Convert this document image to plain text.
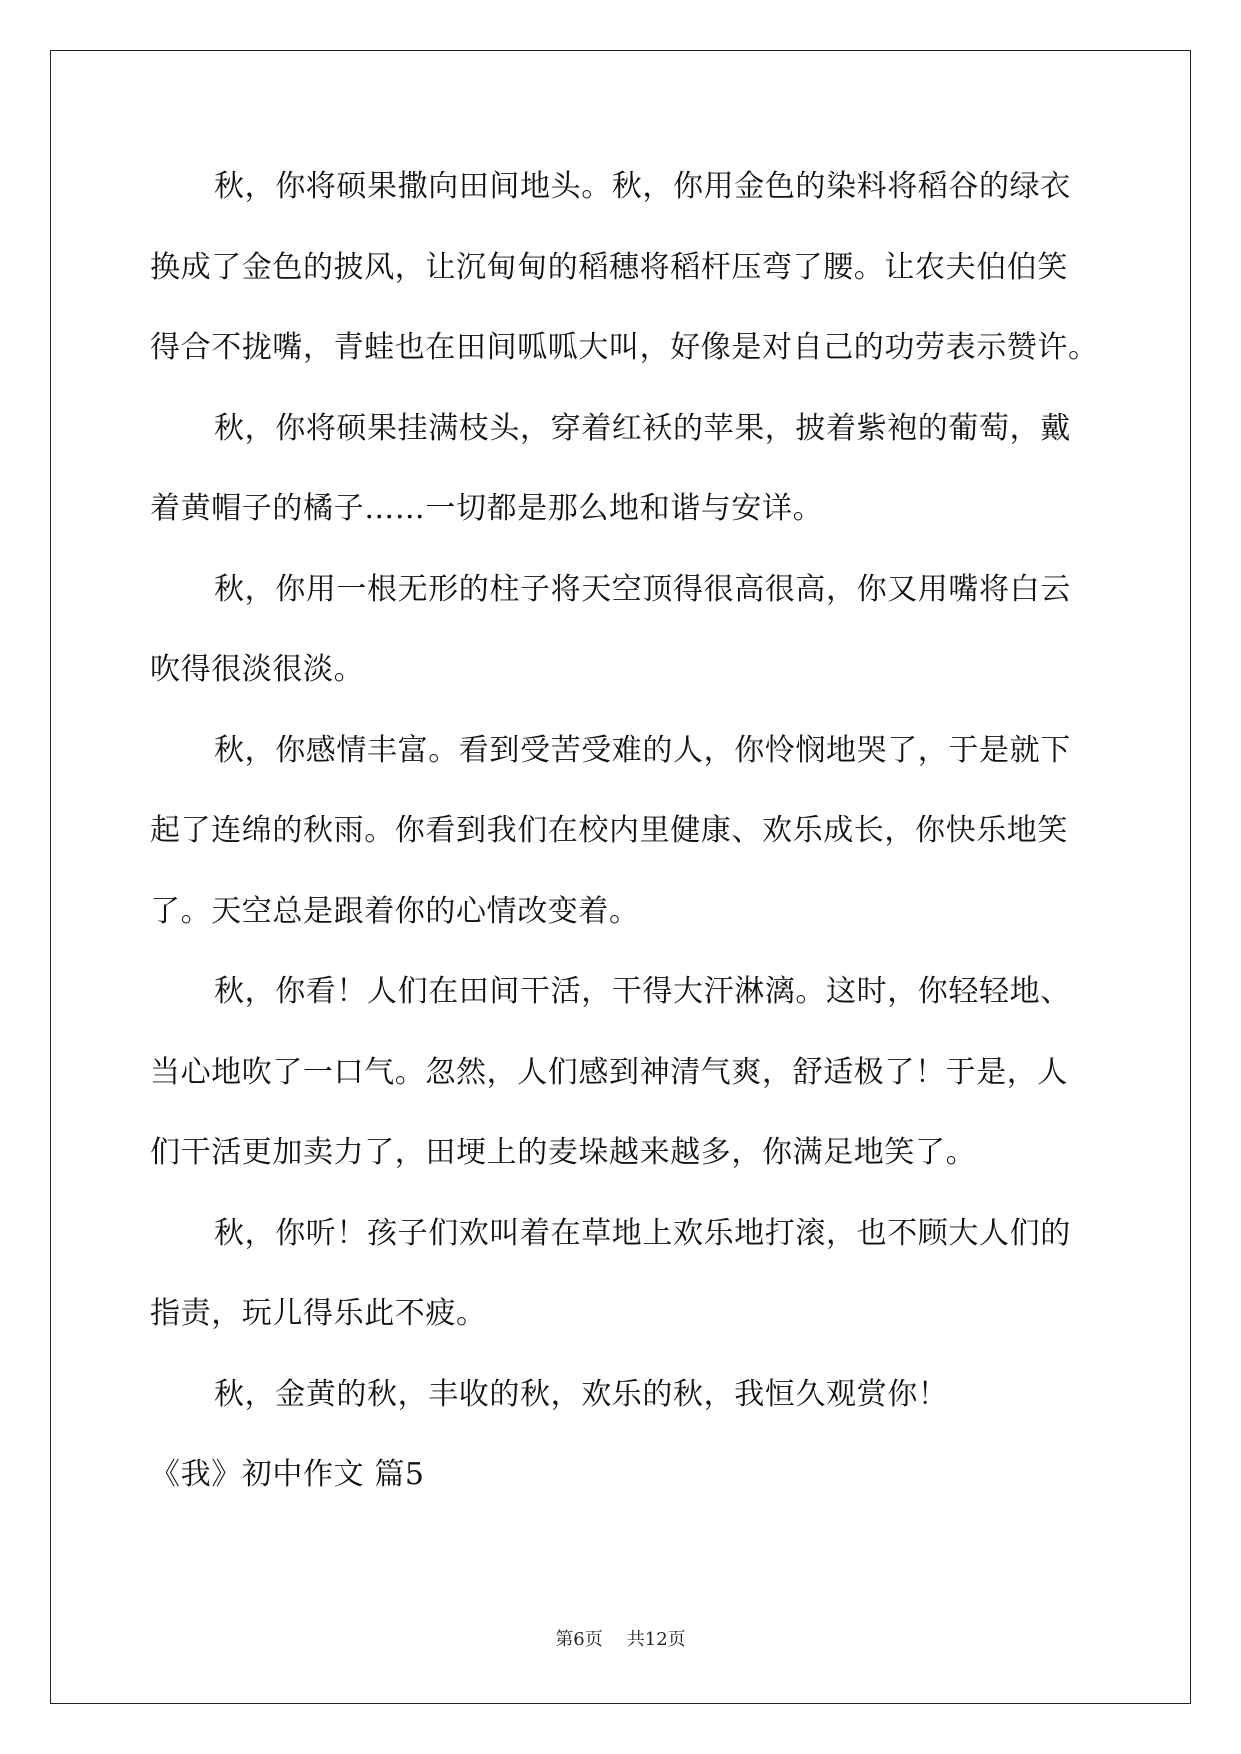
秋，你将硕果撒向田间地头。秋，你用金色的染料将稻谷的绿衣
换成了金色的披风，让沉甸甸的稻穗将稻杆压弯了腰。让农夫伯伯笑
得合不拢嘴，青蛙也在田间呱呱大叫，好像是对自己的功劳表示赞许。
秋，你将硕果挂满枝头，穿着红袄的苹果，披着紫袍的葡萄，戴
着黄帽子的橘子……一切都是那么地和谐与安详。
秋，你用一根无形的柱子将天空顶得很高很高，你又用嘴将白云
吹得很淡很淡。
秋，你感情丰富。看到受苦受难的人，你怜悯地哭了，于是就下
起了连绵的秋雨。你看到我们在校内里健康、欢乐成长，你快乐地笑
了。天空总是跟着你的心情改变着。
秋，你看！人们在田间干活，干得大汗淋漓。这时，你轻轻地、
当心地吹了一口气。忽然，人们感到神清气爽，舒适极了！于是，人
们干活更加卖力了，田埂上的麦垛越来越多，你满足地笑了。
秋，你听！孩子们欢叫着在草地上欢乐地打滚，也不顾大人们的
指责，玩儿得乐此不疲。
秋，金黄的秋，丰收的秋，欢乐的秋，我恒久观赏你！
《我》初中作文 篇5
第6页 共12页
